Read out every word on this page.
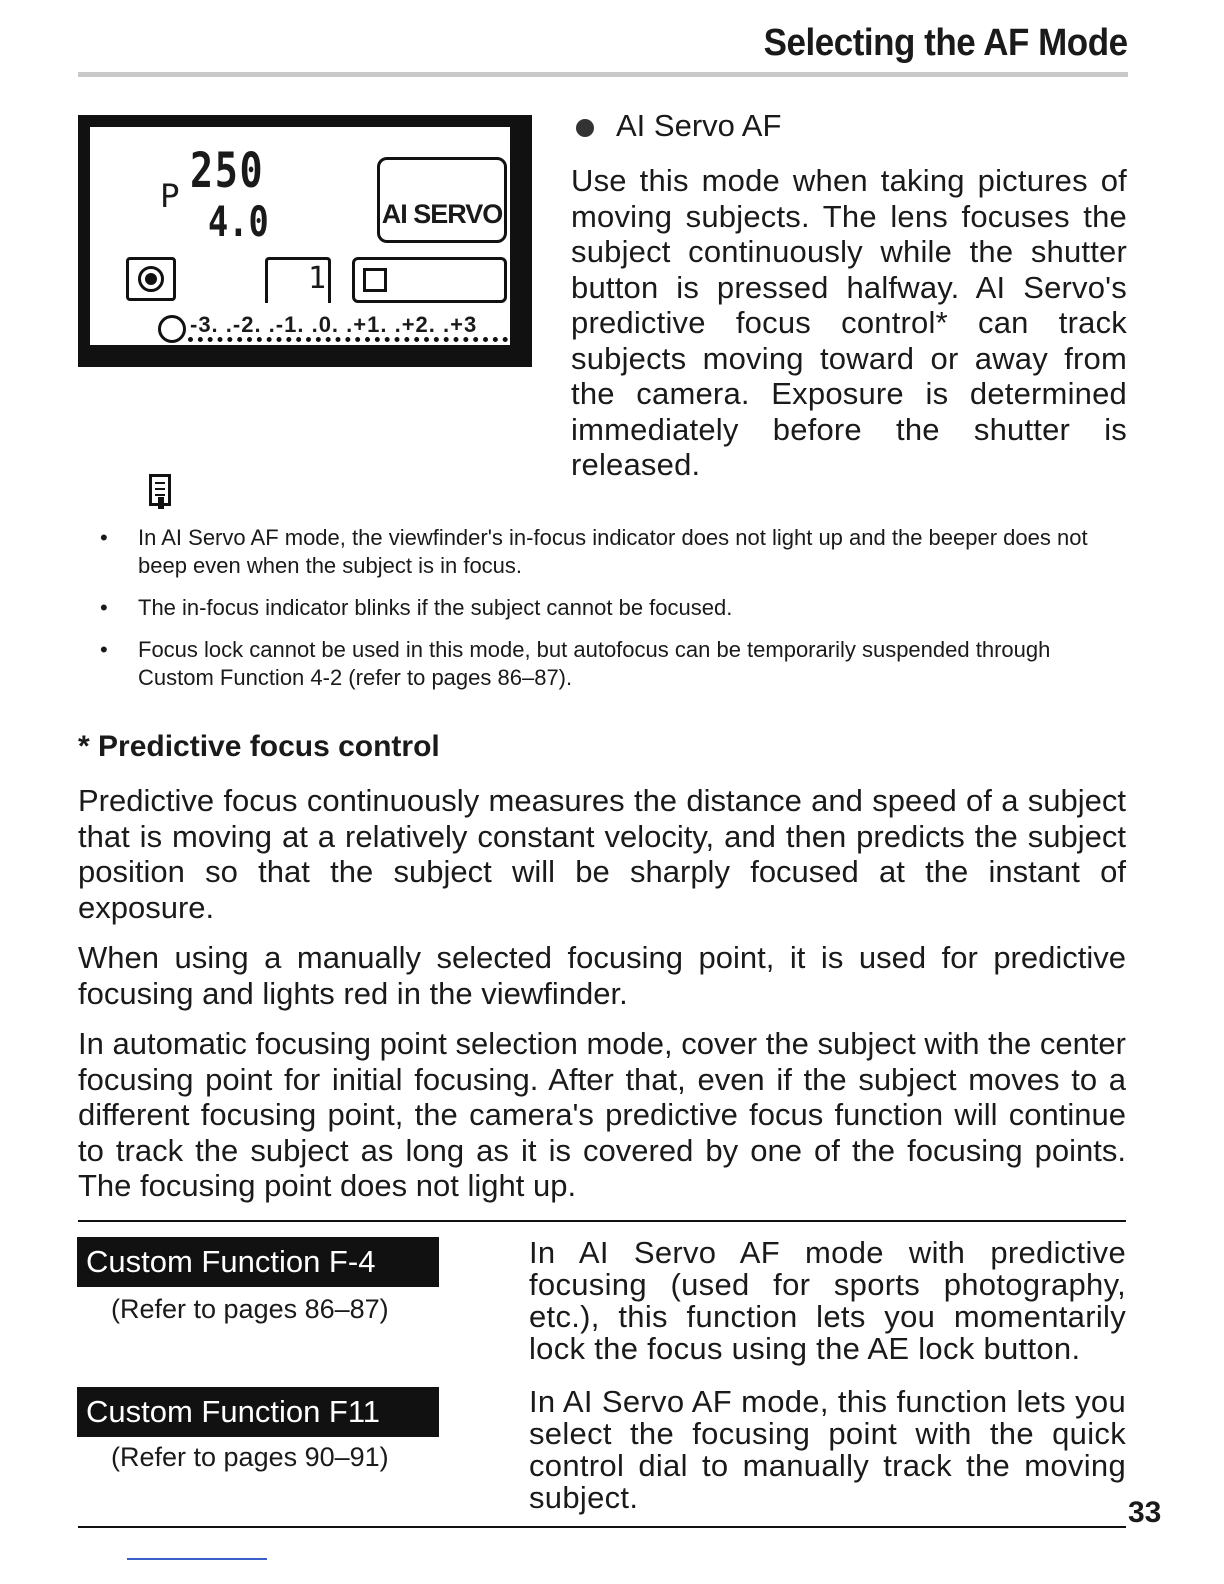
Selecting the AF Mode
P 250
4.0	AI SERVO
1
-3. .-2. .-1. .0. .+1. .+2. .+3
AI Servo AF

Use this mode when taking pictures of moving subjects. The lens focuses the subject continuously while the shutter button is pressed halfway. AI Servo's predictive focus control* can track subjects moving toward or away from the camera. Exposure is determined immediately before the shutter is released.

• In AI Servo AF mode, the viewfinder's in-focus indicator does not light up and the beeper does not beep even when the subject is in focus.
• The in-focus indicator blinks if the subject cannot be focused.
• Focus lock cannot be used in this mode, but autofocus can be temporarily suspended through Custom Function 4-2 (refer to pages 86–87).
* Predictive focus control

Predictive focus continuously measures the distance and speed of a subject that is moving at a relatively constant velocity, and then predicts the subject position so that the subject will be sharply focused at the instant of exposure.

When using a manually selected focusing point, it is used for predictive focusing and lights red in the viewfinder.

In automatic focusing point selection mode, cover the subject with the center focusing point for initial focusing. After that, even if the subject moves to a different focusing point, the camera's predictive focus function will continue to track the subject as long as it is covered by one of the focusing points. The focusing point does not light up.

Custom Function F-4
(Refer to pages 86–87)

In AI Servo AF mode with predictive focusing (used for sports photography, etc.), this function lets you momentarily lock the focus using the AE lock button.

Custom Function F11
(Refer to pages 90–91)

In AI Servo AF mode, this function lets you select the focusing point with the quick control dial to manually track the moving subject.	33
